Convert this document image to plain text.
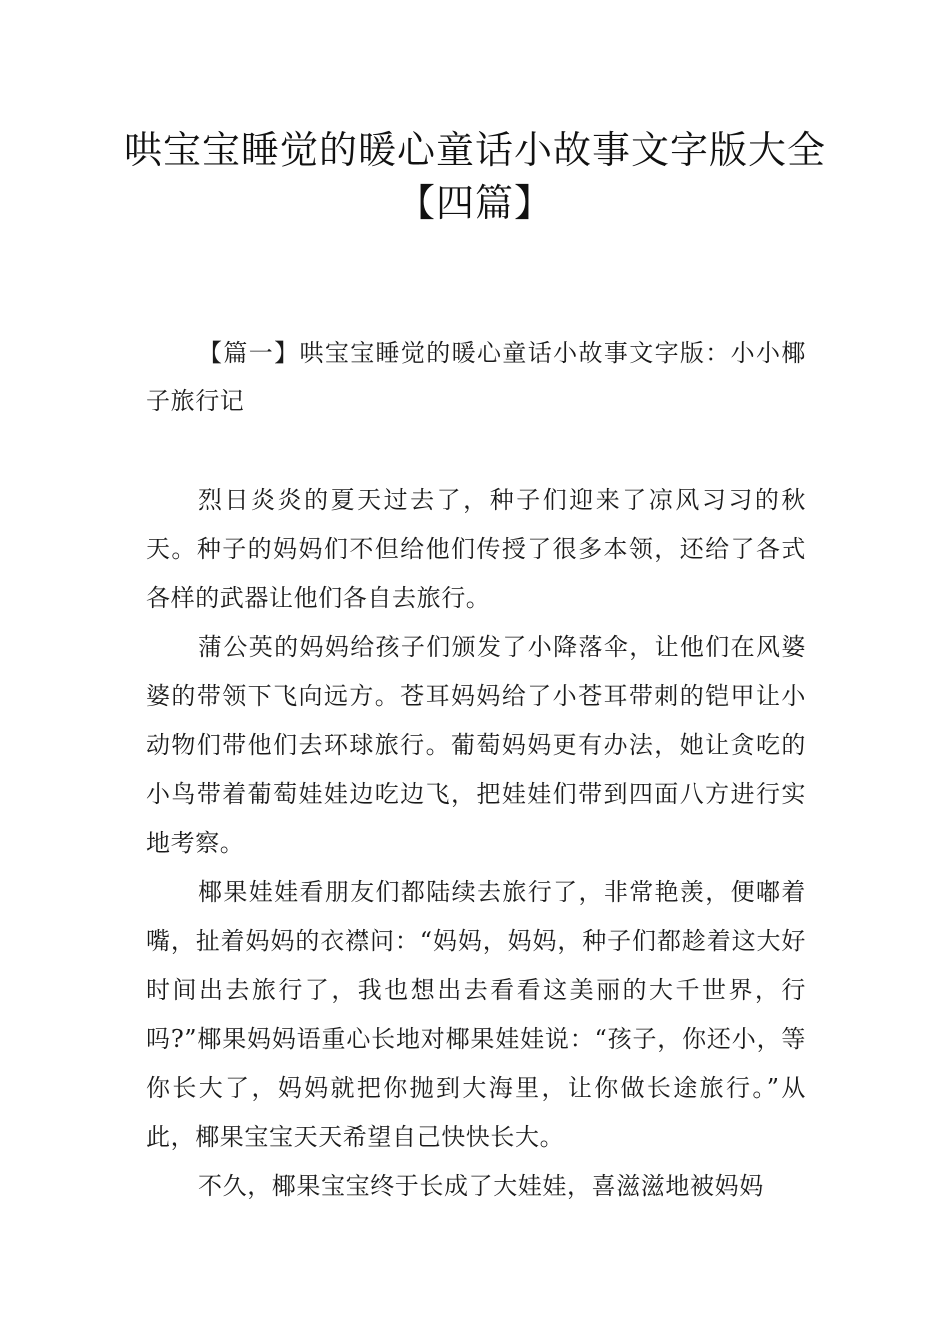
哄宝宝睡觉的暖心童话小故事文字版大全
【四篇】
【篇一】哄宝宝睡觉的暖心童话小故事文字版：小小椰子旅行记

烈日炎炎的夏天过去了，种子们迎来了凉风习习的秋天。种子的妈妈们不但给他们传授了很多本领，还给了各式各样的武器让他们各自去旅行。

蒲公英的妈妈给孩子们颁发了小降落伞，让他们在风婆婆的带领下飞向远方。苍耳妈妈给了小苍耳带刺的铠甲让小动物们带他们去环球旅行。葡萄妈妈更有办法，她让贪吃的小鸟带着葡萄娃娃边吃边飞，把娃娃们带到四面八方进行实地考察。

椰果娃娃看朋友们都陆续去旅行了，非常艳羡，便嘟着嘴，扯着妈妈的衣襟问：“妈妈，妈妈，种子们都趁着这大好时间出去旅行了，我也想出去看看这美丽的大千世界，行吗?”椰果妈妈语重心长地对椰果娃娃说：“孩子，你还小，等你长大了，妈妈就把你抛到大海里，让你做长途旅行。”从此，椰果宝宝天天希望自己快快长大。

不久，椰果宝宝终于长成了大娃娃，喜滋滋地被妈妈
